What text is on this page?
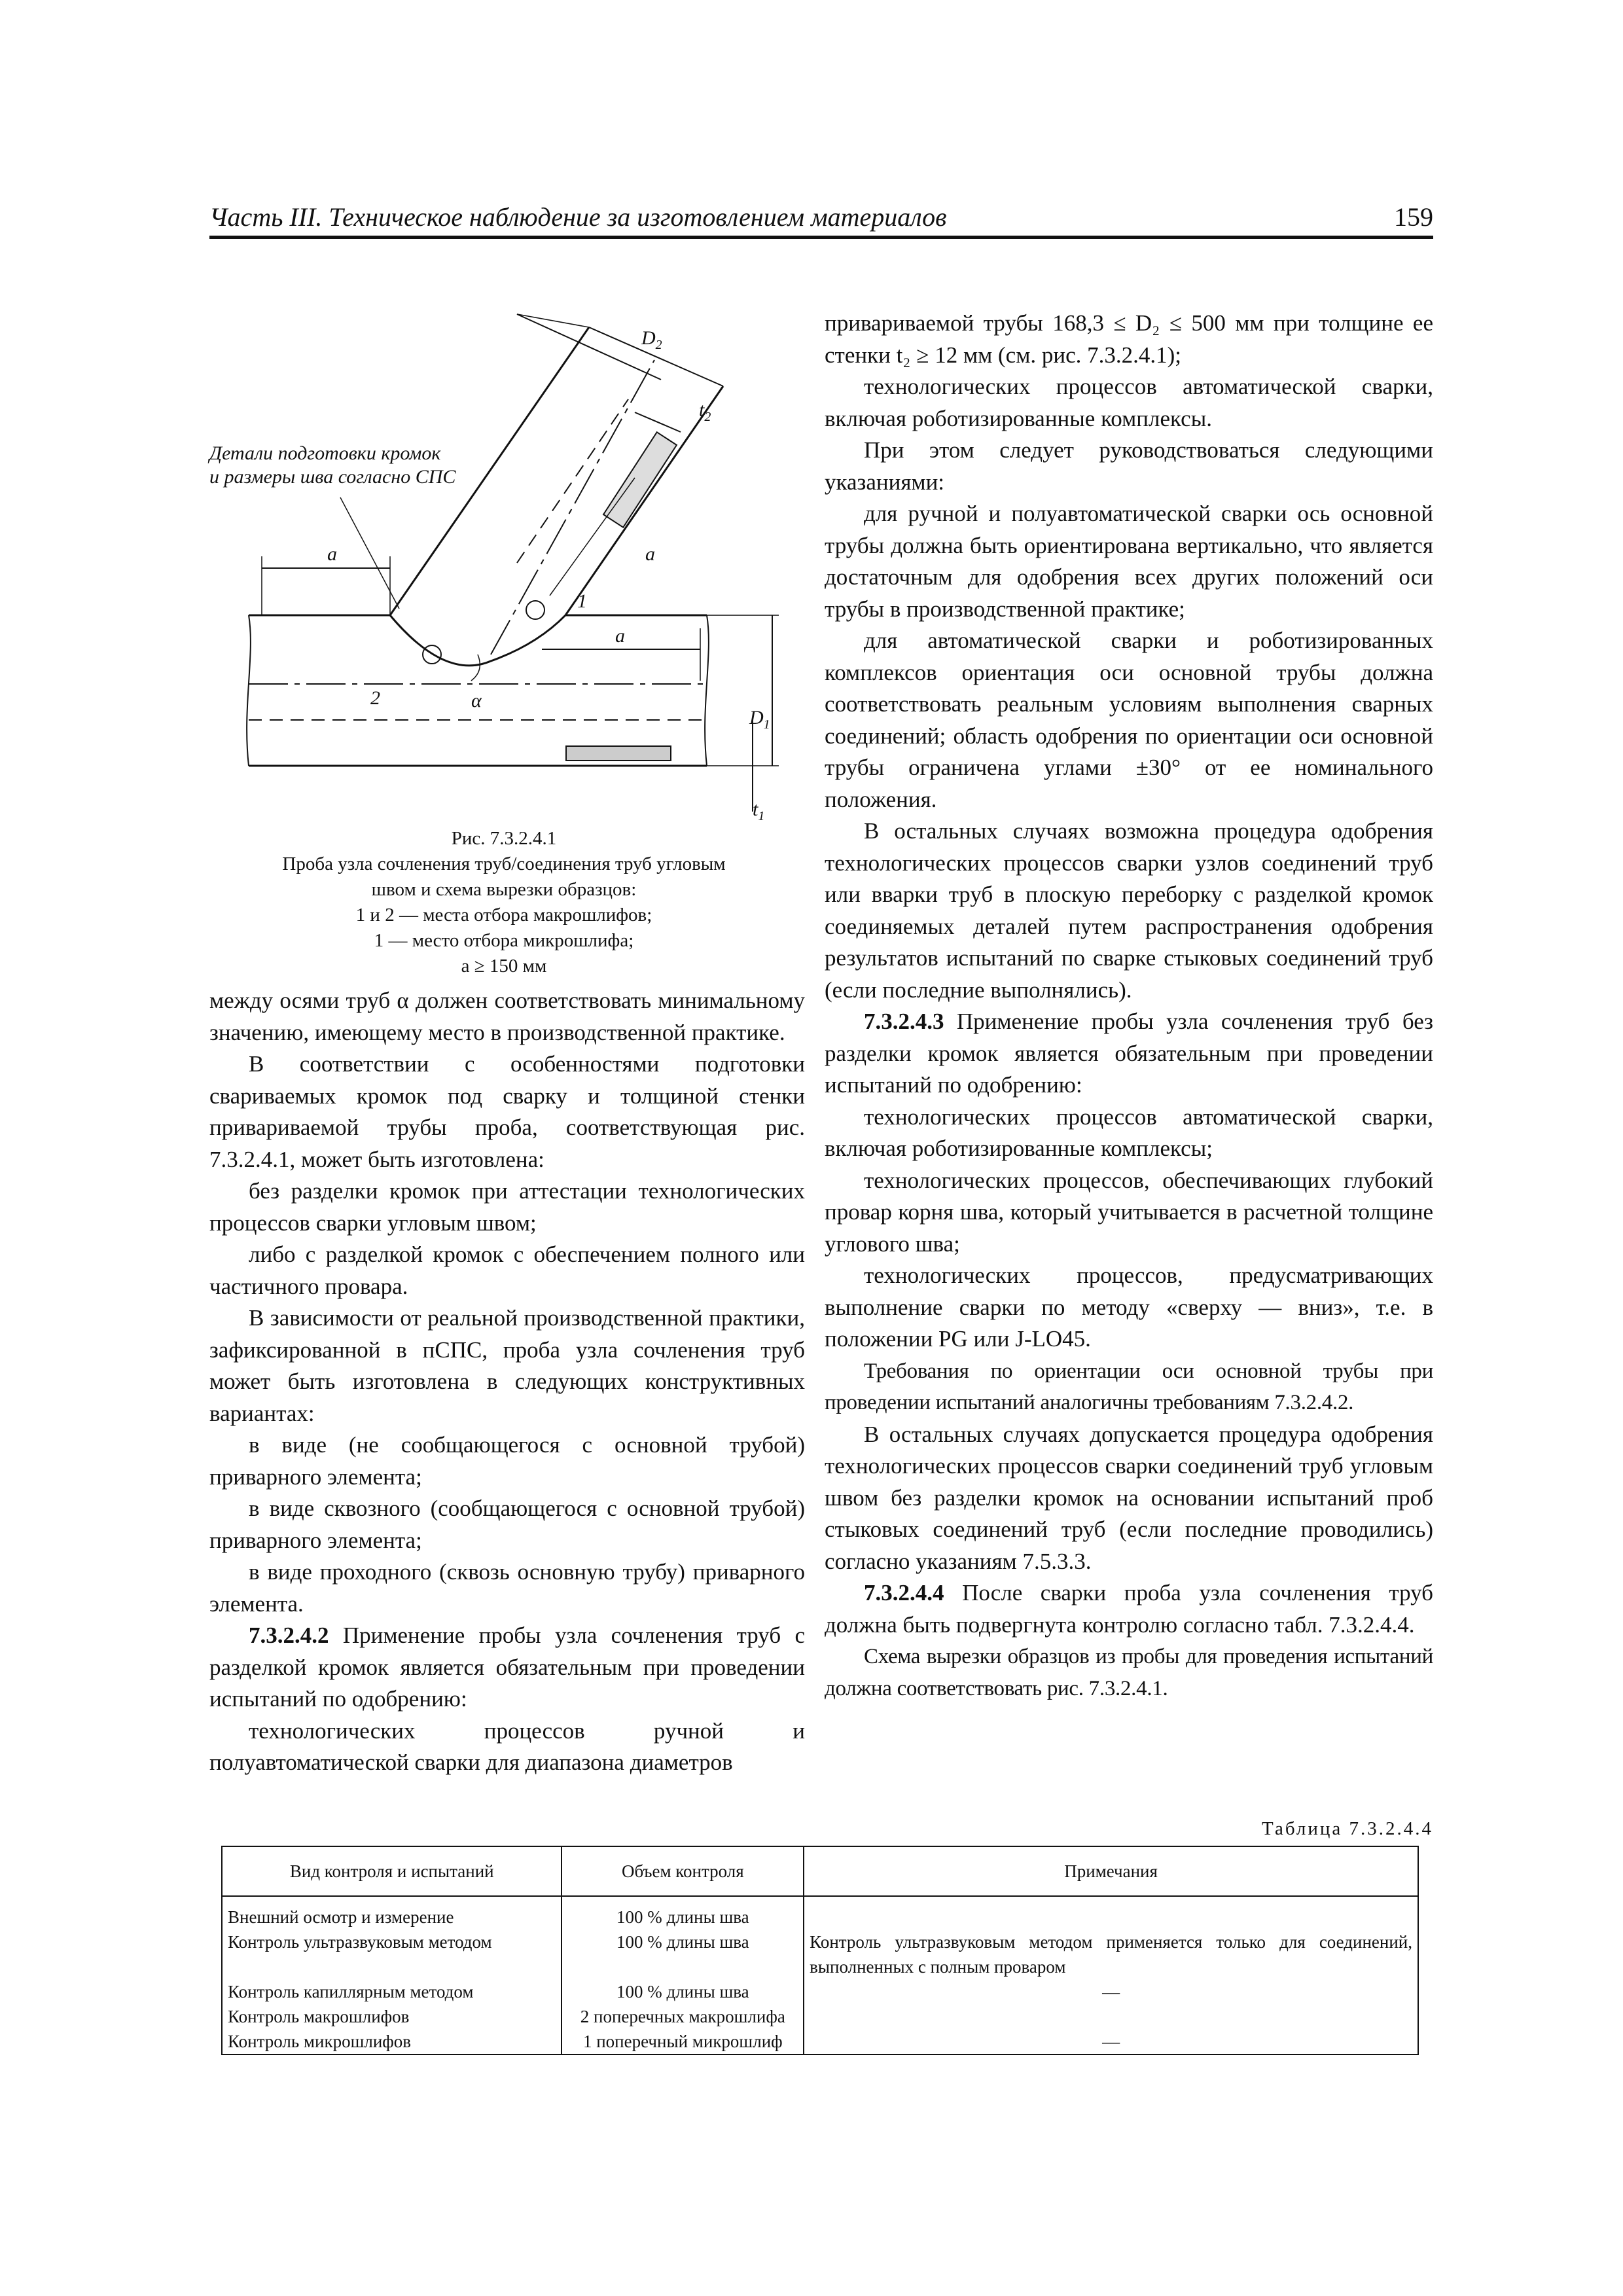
Часть III. Техническое наблюдение за изготовлением материалов	159
Детали подготовки кромок
и размеры шва согласно СПС
$D_2$
$t_2$
a	a
a
1
2	α
$D_1$
$t_1$
Рис. 7.3.2.4.1
Проба узла сочленения труб/соединения труб угловым
швом и схема вырезки образцов:
1 и 2 — места отбора макрошлифов;
1 — место отбора микрошлифа;
a ≥ 150 мм

между осями труб α должен соответствовать минимальному значению, имеющему место в производственной практике.

В соответствии с особенностями подготовки свариваемых кромок под сварку и толщиной стенки привариваемой трубы проба, соответствующая рис. 7.3.2.4.1, может быть изготовлена:

без разделки кромок при аттестации технологических процессов сварки угловым швом;

либо с разделкой кромок с обеспечением полного или частичного провара.

В зависимости от реальной производственной практики, зафиксированной в пСПС, проба узла сочленения труб может быть изготовлена в следующих конструктивных вариантах:

в виде (не сообщающегося с основной трубой) приварного элемента;

в виде сквозного (сообщающегося с основной трубой) приварного элемента;

в виде проходного (сквозь основную трубу) приварного элемента.

7.3.2.4.2 Применение пробы узла сочленения труб с разделкой кромок является обязательным при проведении испытаний по одобрению:

технологических процессов ручной и полуавтоматической сварки для диапазона диаметров

привариваемой трубы 168,3 ≤ D₂ ≤ 500 мм при толщине ее стенки t₂ ≥ 12 мм (см. рис. 7.3.2.4.1);

технологических процессов автоматической сварки, включая роботизированные комплексы.

При этом следует руководствоваться следующими указаниями:

для ручной и полуавтоматической сварки ось основной трубы должна быть ориентирована вертикально, что является достаточным для одобрения всех других положений оси трубы в производственной практике;

для автоматической сварки и роботизированных комплексов ориентация оси основной трубы должна соответствовать реальным условиям выполнения сварных соединений; область одобрения по ориентации оси основной трубы ограничена углами ±30° от ее номинального положения.

В остальных случаях возможна процедура одобрения технологических процессов сварки узлов соединений труб или вварки труб в плоскую переборку с разделкой кромок соединяемых деталей путем распространения одобрения результатов испытаний по сварке стыковых соединений труб (если последние выполнялись).

7.3.2.4.3 Применение пробы узла сочленения труб без разделки кромок является обязательным при проведении испытаний по одобрению:

технологических процессов автоматической сварки, включая роботизированные комплексы;

технологических процессов, обеспечивающих глубокий провар корня шва, который учитывается в расчетной толщине углового шва;

технологических процессов, предусматривающих выполнение сварки по методу «сверху — вниз», т.е. в положении PG или J-LO45.

Требования по ориентации оси основной трубы при проведении испытаний аналогичны требованиям 7.3.2.4.2.

В остальных случаях допускается процедура одобрения технологических процессов сварки соединений труб угловым швом без разделки кромок на основании испытаний проб стыковых соединений труб (если последние проводились) согласно указаниям 7.5.3.3.

7.3.2.4.4 После сварки проба узла сочленения труб должна быть подвергнута контролю согласно табл. 7.3.2.4.4.

Схема вырезки образцов из пробы для проведения испытаний должна соответствовать рис. 7.3.2.4.1.

Таблица 7.3.2.4.4
Вид контроля и испытаний	Объем контроля	Примечания
Внешний осмотр и измерение	100 % длины шва	
Контроль ультразвуковым методом	100 % длины шва	Контроль ультразвуковым методом применяется только для соединений, выполненных с полным проваром
Контроль капиллярным методом	100 % длины шва	—
Контроль макрошлифов	2 поперечных макрошлифа	
Контроль микрошлифов	1 поперечный микрошлиф	—
